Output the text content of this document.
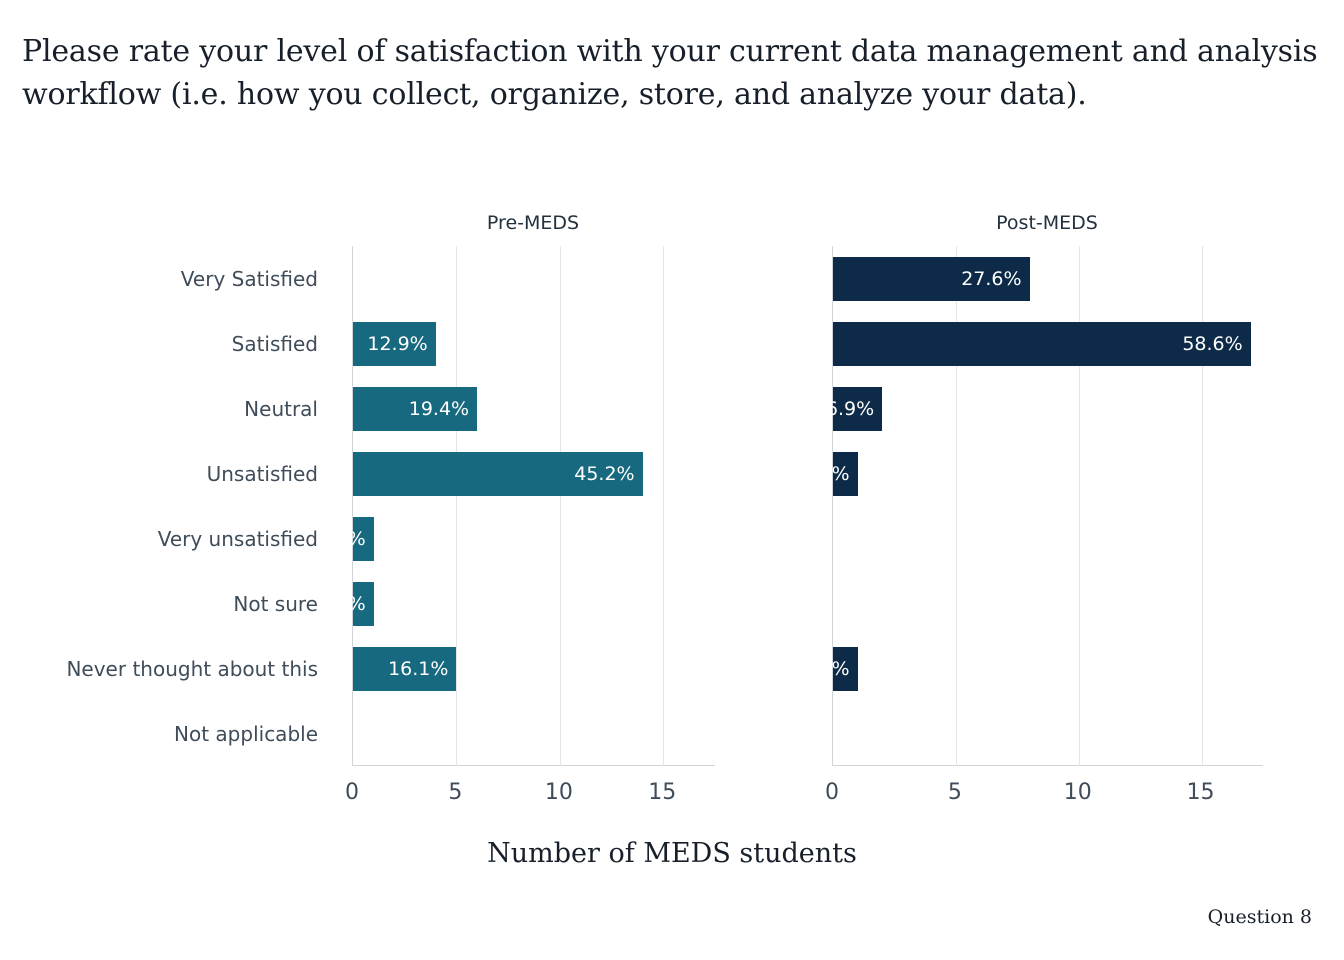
Please rate your level of satisfaction with your current data management and analysis workflow (i.e. how you collect, organize, store, and analyze your data).
Pre-MEDS	Post-MEDS
Very Satisfied
Satisfied
Neutral
Unsatisfied
Very unsatisfied
Not sure
Never thought about this
Not applicable
12.9%
19.4%
45.2%
3.2%
3.2%
16.1%
27.6%
58.6%
6.9%
3.4%
3.4%
0	5	10	15	0	5	10	15
Number of MEDS students
Question 8
